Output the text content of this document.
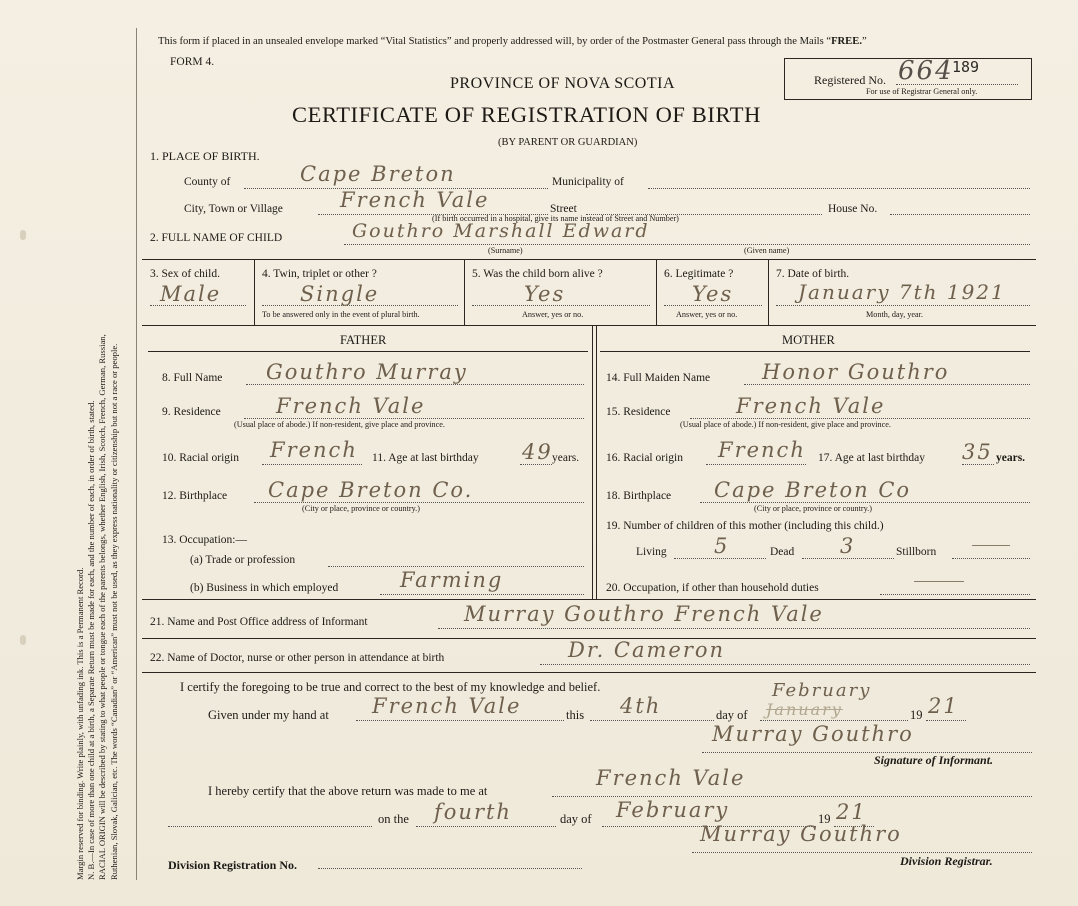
Margin reserved for binding. Write plainly, with unfading ink. This is a Permanent Record. N. B.—In case of more than one child at a birth, a Separate Return must be made for each, and the number of each, in order of birth, stated. RACIAL ORIGIN will be described by stating to what people or tongue each of the parents belongs, whether English, Irish, Scotch, French, German, Russian, Ruthenian, Slovak, Galician, etc. The words “Canadian” or “American” must not be used, as they express nationality or citizenship but not a race or people.
This form if placed in an unsealed envelope marked “Vital Statistics” and properly addressed will, by order of the Postmaster General pass through the Mails “FREE.”
FORM 4.
PROVINCE OF NOVA SCOTIA
CERTIFICATE OF REGISTRATION OF BIRTH
(BY PARENT OR GUARDIAN)
Registered No. 664
189
For use of Registrar General only.
1. PLACE OF BIRTH.
County of	Cape Breton	Municipality of
City, Town or Village	French Vale	Street	House No.
(If birth occurred in a hospital, give its name instead of Street and Number)
2. FULL NAME OF CHILD	Gouthro Marshall Edward
(Surname)	(Given name)
3. Sex of child.
Male
4. Twin, triplet or other ?
Single
To be answered only in the event of plural birth.
5. Was the child born alive ?
Yes
Answer, yes or no.
6. Legitimate ?
Yes
Answer, yes or no.
7. Date of birth.
January 7th 1921
Month, day, year.
FATHER	MOTHER
8. Full Name Gouthro Murray
9. Residence	French Vale
(Usual place of abode.) If non-resident, give place and province.
10. Racial origin French 11. Age at last birthday 49 years.
12. Birthplace Cape Breton Co.
(City or place, province or country.)
13. Occupation:—
(a) Trade or profession
(b) Business in which employed	Farming
14. Full Maiden Name Honor Gouthro
15. Residence	French Vale
(Usual place of abode.) If non-resident, give place and province.
16. Racial origin French 17. Age at last birthday 35 years.
18. Birthplace Cape Breton Co
(City or place, province or country.)
19. Number of children of this mother (including this child.)
Living 5	Dead 3	Stillborn
20. Occupation, if other than household duties
21. Name and Post Office address of Informant	Murray Gouthro French Vale
22. Name of Doctor, nurse or other person in attendance at birth	Dr. Cameron
I certify the foregoing to be true and correct to the best of my knowledge and belief.
Given under my hand at French Vale	this 4th	day of
February
January	19 21
Murray Gouthro
Signature of Informant.
I hereby certify that the above return was made to me at
French Vale
on the fourth	day of February	19 21
Division Registration No.
Murray Gouthro
Division Registrar.
